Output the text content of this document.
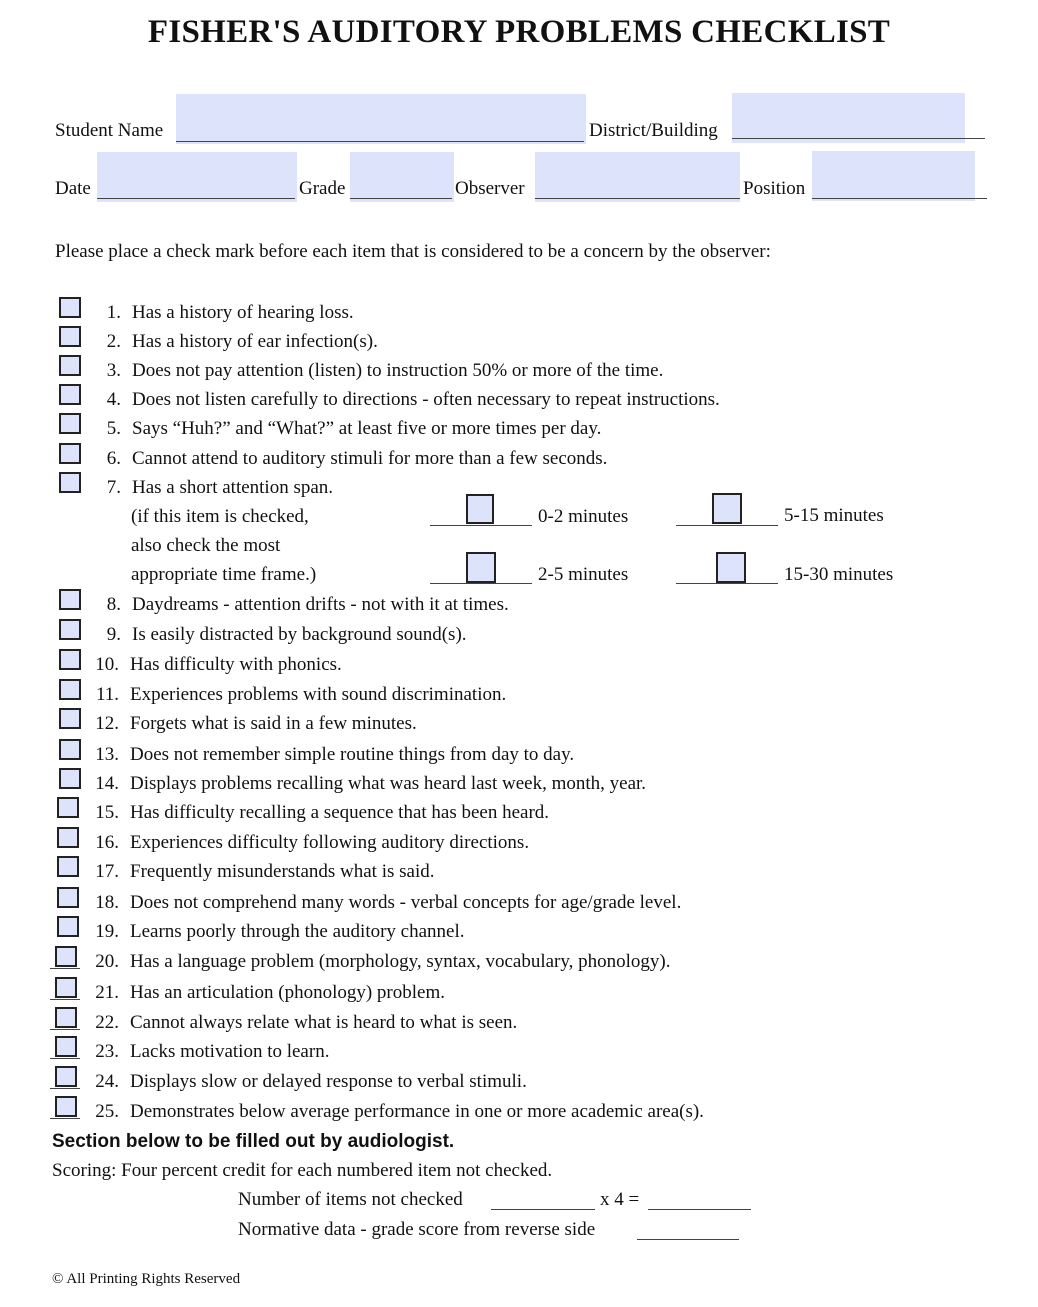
FISHER'S AUDITORY PROBLEMS CHECKLIST
Student Name	District/Building
Date	Grade	Observer	Position
Please place a check mark before each item that is considered to be a concern by the observer:
1. Has a history of hearing loss.
2. Has a history of ear infection(s).
3. Does not pay attention (listen) to instruction 50% or more of the time.
4. Does not listen carefully to directions - often necessary to repeat instructions.
5. Says “Huh?” and “What?” at least five or more times per day.
6. Cannot attend to auditory stimuli for more than a few seconds.
7. Has a short attention span.
8. Daydreams - attention drifts - not with it at times.
9. Is easily distracted by background sound(s).
10. Has difficulty with phonics.
11. Experiences problems with sound discrimination.
12. Forgets what is said in a few minutes.
13. Does not remember simple routine things from day to day.
14. Displays problems recalling what was heard last week, month, year.
15. Has difficulty recalling a sequence that has been heard.
16. Experiences difficulty following auditory directions.
17. Frequently misunderstands what is said.
18. Does not comprehend many words - verbal concepts for age/grade level.
19. Learns poorly through the auditory channel.
20. Has a language problem (morphology, syntax, vocabulary, phonology).
21. Has an articulation (phonology) problem.
22. Cannot always relate what is heard to what is seen.
23. Lacks motivation to learn.
24. Displays slow or delayed response to verbal stimuli.
25. Demonstrates below average performance in one or more academic area(s).
(if this item is checked,
also check the most
appropriate time frame.)
0-2 minutes	5-15 minutes
2-5 minutes	15-30 minutes
Section below to be filled out by audiologist.
Scoring: Four percent credit for each numbered item not checked.
Number of items not checked	x 4 =
Normative data - grade score from reverse side
© All Printing Rights Reserved
